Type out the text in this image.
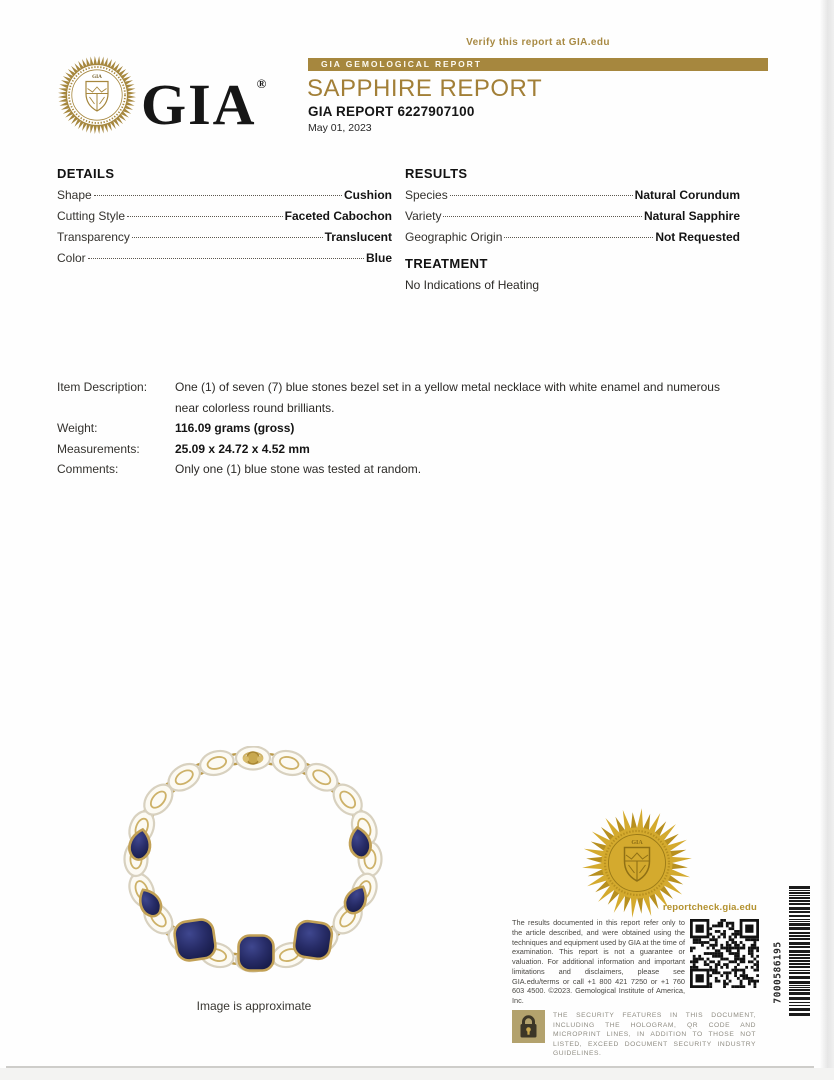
Verify this report at GIA.edu
GIA GIA®
GIA GEMOLOGICAL REPORT
SAPPHIRE REPORT
GIA REPORT 6227907100
May 01, 2023
DETAILS
Shape	Cushion
Cutting Style	Faceted Cabochon
Transparency	Translucent
Color	Blue
RESULTS
Species	Natural Corundum
Variety	Natural Sapphire
Geographic Origin	Not Requested
TREATMENT
No Indications of Heating
Item Description:	One (1) of seven (7) blue stones bezel set in a yellow metal necklace with white enamel and numerous near colorless round brilliants.
Weight:	116.09 grams (gross)
Measurements:	25.09 x 24.72 x 4.52 mm
Comments:	Only one (1) blue stone was tested at random.
Image is approximate
GIA
reportcheck.gia.edu
The results documented in this report refer only to the article described, and were obtained using the techniques and equipment used by GIA at the time of examination. This report is not a guarantee or valuation. For additional information and important limitations and disclaimers, please see GIA.edu/terms or call +1 800 421 7250 or +1 760 603 4500. ©2023. Gemological Institute of America, Inc.
THE SECURITY FEATURES IN THIS DOCUMENT, INCLUDING THE HOLOGRAM, QR CODE AND MICROPRINT LINES, IN ADDITION TO THOSE NOT LISTED, EXCEED DOCUMENT SECURITY INDUSTRY GUIDELINES.
7000586195
